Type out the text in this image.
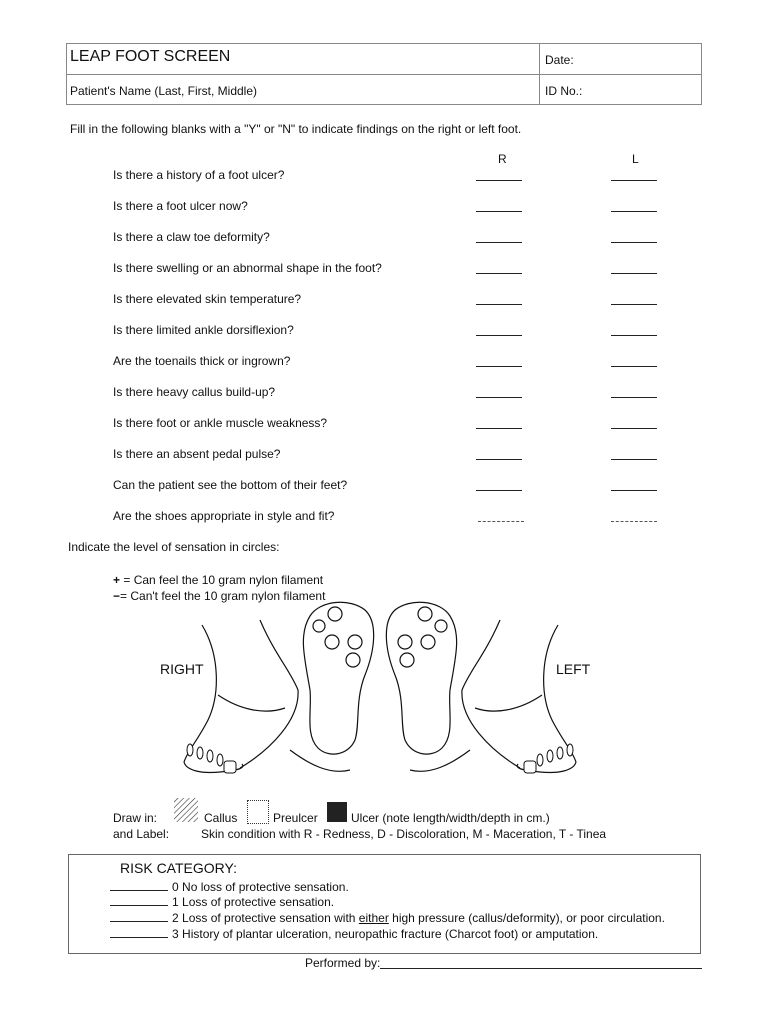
LEAP FOOT SCREEN	Date:
Patient's Name (Last, First, Middle)	ID No.:
Fill in the following blanks with a "Y" or "N" to indicate findings on the right or left foot.
R	L
Is there a history of a foot ulcer?
Is there a foot ulcer now?
Is there a claw toe deformity?
Is there swelling or an abnormal shape in the foot?
Is there elevated skin temperature?
Is there limited ankle dorsiflexion?
Are the toenails thick or ingrown?
Is there heavy callus build-up?
Is there foot or ankle muscle weakness?
Is there an absent pedal pulse?
Can the patient see the bottom of their feet?
Are the shoes appropriate in style and fit?
Indicate the level of sensation in circles:
+ = Can feel the 10 gram nylon filament
−= Can't feel the 10 gram nylon filament
RIGHT	LEFT
Draw in:	Callus	Preulcer	Ulcer (note length/width/depth in cm.)
and Label:	Skin condition with R - Redness, D - Discoloration, M - Maceration, T - Tinea
RISK CATEGORY:
0 No loss of protective sensation.
1 Loss of protective sensation.
2 Loss of protective sensation with either high pressure (callus/deformity), or poor circulation.
3 History of plantar ulceration, neuropathic fracture (Charcot foot) or amputation.
Performed by:
